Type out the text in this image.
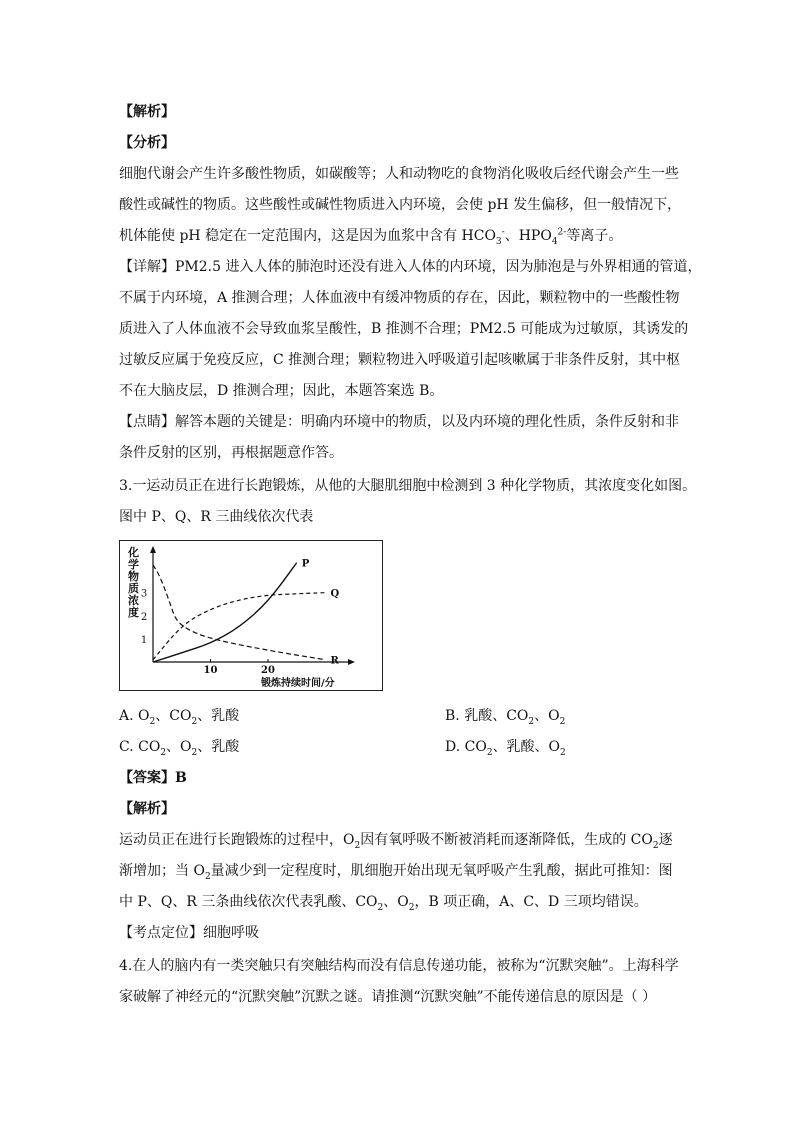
【解析】
【分析】
细胞代谢会产生许多酸性物质，如碳酸等；人和动物吃的食物消化吸收后经代谢会产生一些
酸性或碱性的物质。这些酸性或碱性物质进入内环境，会使 pH 发生偏移，但一般情况下，
机体能使 pH 稳定在一定范围内，这是因为血浆中含有 $HCO_3^-$、$HPO_4^{2-}$等离子。
【详解】PM2.5 进入人体的肺泡时还没有进入人体的内环境，因为肺泡是与外界相通的管道，
不属于内环境，A 推测合理；人体血液中有缓冲物质的存在，因此，颗粒物中的一些酸性物
质进入了人体血液不会导致血浆呈酸性，B 推测不合理；PM2.5 可能成为过敏原，其诱发的
过敏反应属于免疫反应，C 推测合理；颗粒物进入呼吸道引起咳嗽属于非条件反射，其中枢
不在大脑皮层，D 推测合理；因此，本题答案选 B。
【点睛】解答本题的关键是：明确内环境中的物质，以及内环境的理化性质，条件反射和非
条件反射的区别，再根据题意作答。
3.一运动员正在进行长跑锻炼，从他的大腿肌细胞中检测到 3 种化学物质，其浓度变化如图。
图中 P、Q、R 三曲线依次代表
化
学
物
质
浓
度
1
2
3
10	20
P
Q
R
锻炼持续时间/分
A. $O_2$、$CO_2$、乳酸	B. 乳酸、$CO_2$、$O_2$
C. $CO_2$、$O_2$、乳酸	D. $CO_2$、乳酸、$O_2$
【答案】B
【解析】
运动员正在进行长跑锻炼的过程中，$O_2$因有氧呼吸不断被消耗而逐渐降低，生成的 $CO_2$逐
渐增加；当 $O_2$量减少到一定程度时，肌细胞开始出现无氧呼吸产生乳酸，据此可推知：图
中 P、Q、R 三条曲线依次代表乳酸、$CO_2$、$O_2$，B 项正确，A、C、D 三项均错误。
【考点定位】细胞呼吸
4.在人的脑内有一类突触只有突触结构而没有信息传递功能，被称为“沉默突触”。上海科学
家破解了神经元的“沉默突触”沉默之谜。请推测“沉默突触”不能传递信息的原因是（ ）
